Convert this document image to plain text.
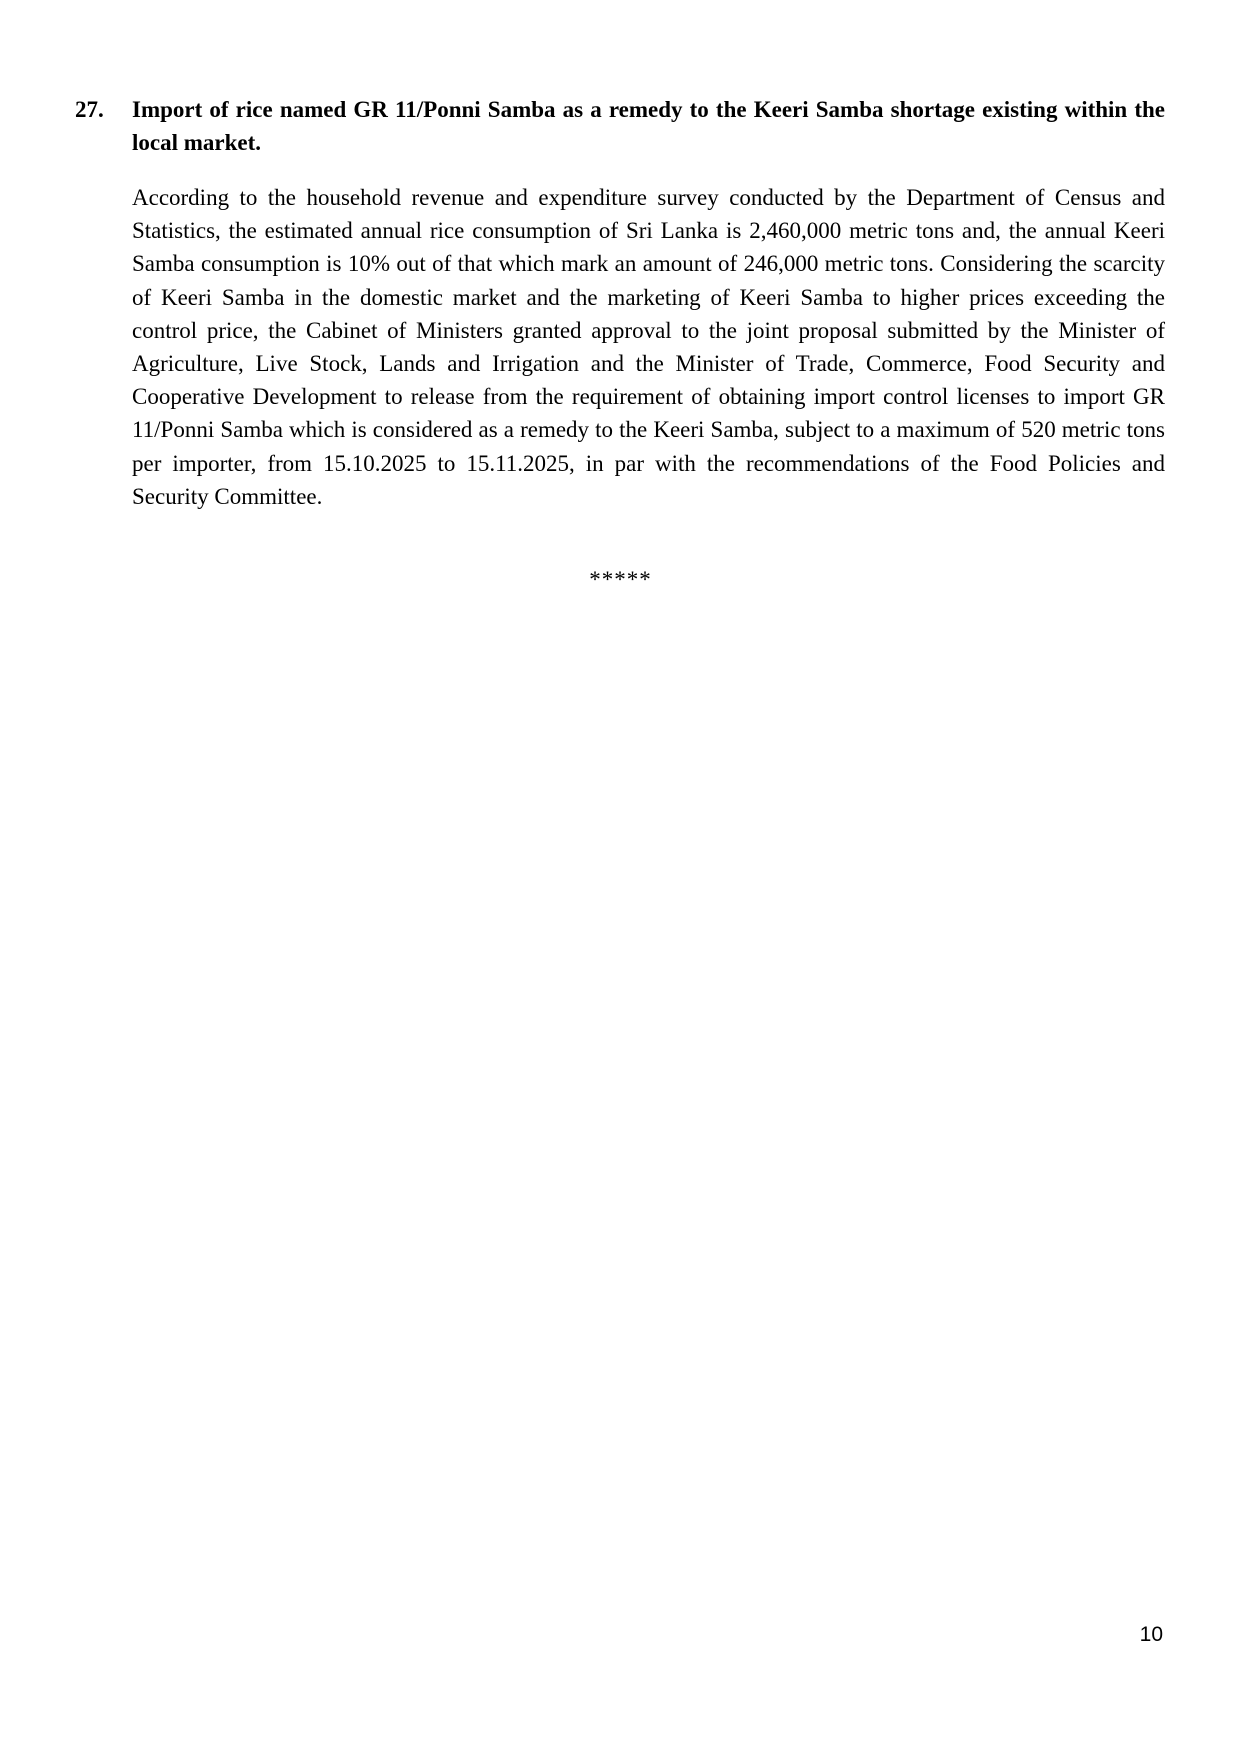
27. Import of rice named GR 11/Ponni Samba as a remedy to the Keeri Samba shortage existing within the local market.
According to the household revenue and expenditure survey conducted by the Department of Census and Statistics, the estimated annual rice consumption of Sri Lanka is 2,460,000 metric tons and, the annual Keeri Samba consumption is 10% out of that which mark an amount of 246,000 metric tons. Considering the scarcity of Keeri Samba in the domestic market and the marketing of Keeri Samba to higher prices exceeding the control price, the Cabinet of Ministers granted approval to the joint proposal submitted by the Minister of Agriculture, Live Stock, Lands and Irrigation and the Minister of Trade, Commerce, Food Security and Cooperative Development to release from the requirement of obtaining import control licenses to import GR 11/Ponni Samba which is considered as a remedy to the Keeri Samba, subject to a maximum of 520 metric tons per importer, from 15.10.2025 to 15.11.2025, in par with the recommendations of the Food Policies and Security Committee.
*****
10
